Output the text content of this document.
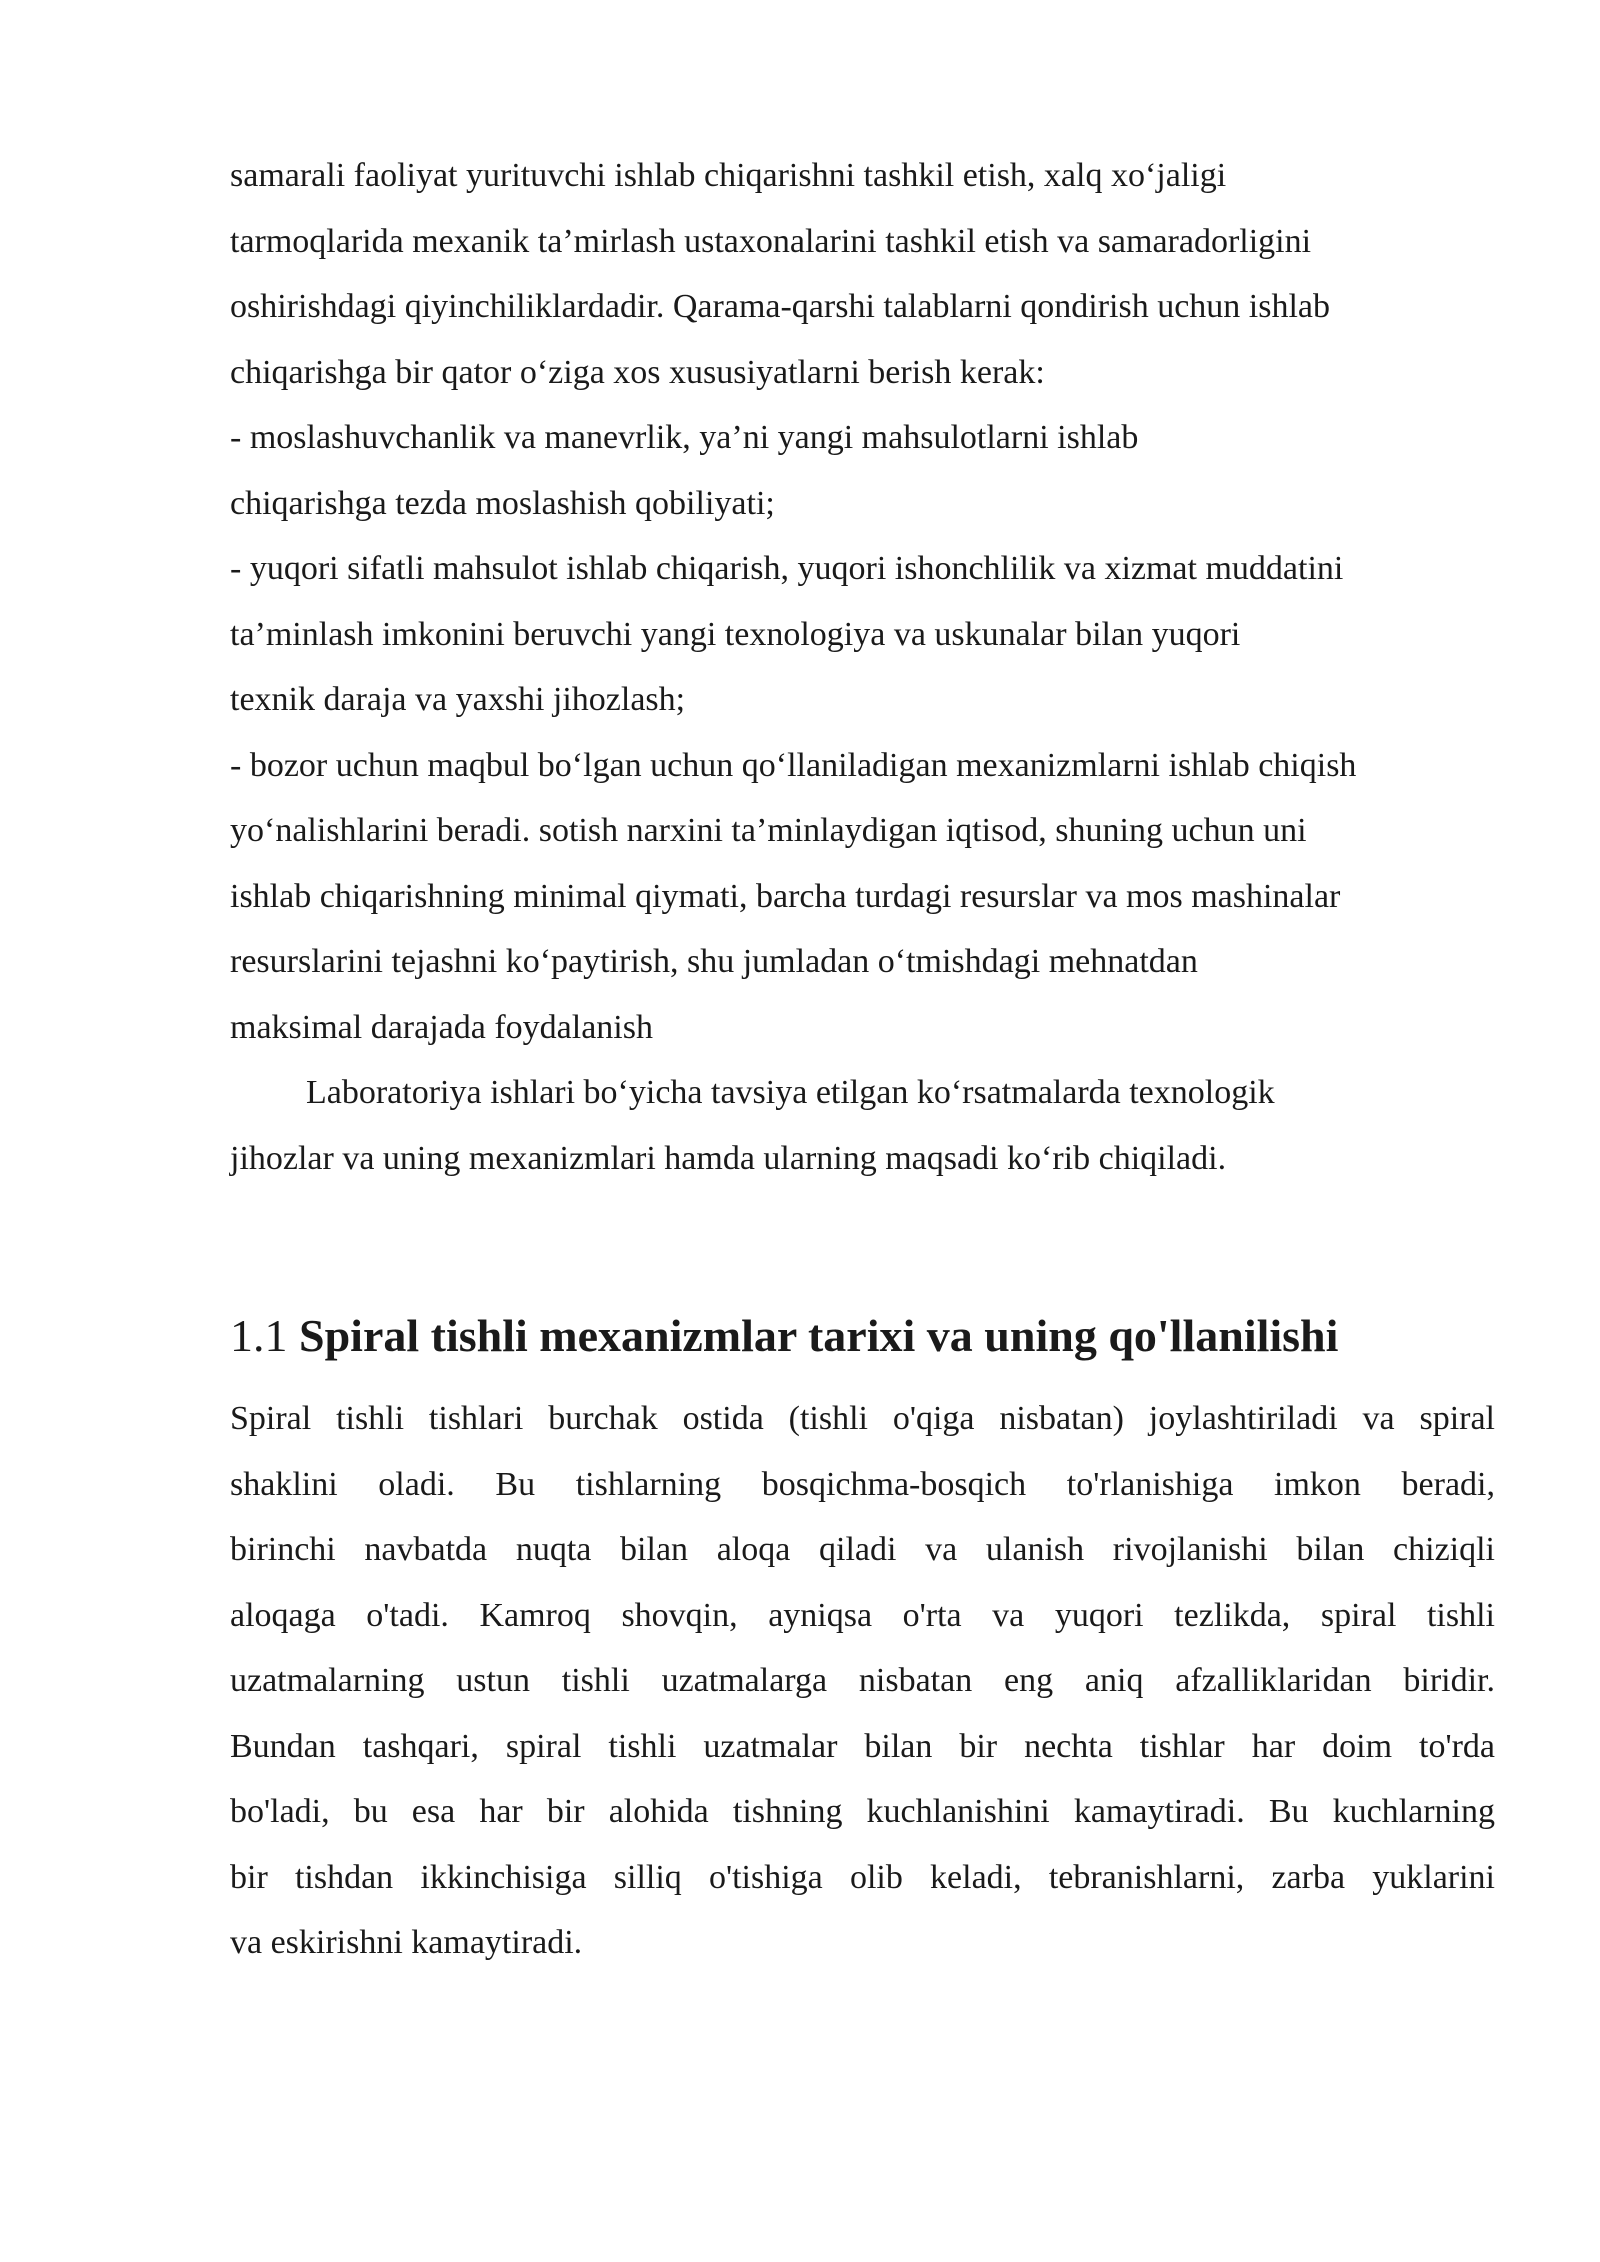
samarali faoliyat yurituvchi ishlab chiqarishni tashkil etish, xalq xo‘jaligi
tarmoqlarida mexanik ta’mirlash ustaxonalarini tashkil etish va samaradorligini
oshirishdagi qiyinchiliklardadir. Qarama-qarshi talablarni qondirish uchun ishlab
chiqarishga bir qator o‘ziga xos xususiyatlarni berish kerak:
- moslashuvchanlik va manevrlik, ya’ni yangi mahsulotlarni ishlab
chiqarishga tezda moslashish qobiliyati;
- yuqori sifatli mahsulot ishlab chiqarish, yuqori ishonchlilik va xizmat muddatini
ta’minlash imkonini beruvchi yangi texnologiya va uskunalar bilan yuqori
texnik daraja va yaxshi jihozlash;
- bozor uchun maqbul bo‘lgan uchun qo‘llaniladigan mexanizmlarni ishlab chiqish
yo‘nalishlarini beradi. sotish narxini ta’minlaydigan iqtisod, shuning uchun uni
ishlab chiqarishning minimal qiymati, barcha turdagi resurslar va mos mashinalar
resurslarini tejashni ko‘paytirish, shu jumladan o‘tmishdagi mehnatdan
maksimal darajada foydalanish
Laboratoriya ishlari bo‘yicha tavsiya etilgan ko‘rsatmalarda texnologik
jihozlar va uning mexanizmlari hamda ularning maqsadi ko‘rib chiqiladi.
1.1 Spiral tishli mexanizmlar tarixi va uning qo'llanilishi
Spiral tishli tishlari burchak ostida (tishli o'qiga nisbatan) joylashtiriladi va spiral
shaklini oladi. Bu tishlarning bosqichma-bosqich to'rlanishiga imkon beradi,
birinchi navbatda nuqta bilan aloqa qiladi va ulanish rivojlanishi bilan chiziqli
aloqaga o'tadi. Kamroq shovqin, ayniqsa o'rta va yuqori tezlikda, spiral tishli
uzatmalarning ustun tishli uzatmalarga nisbatan eng aniq afzalliklaridan biridir.
Bundan tashqari, spiral tishli uzatmalar bilan bir nechta tishlar har doim to'rda
bo'ladi, bu esa har bir alohida tishning kuchlanishini kamaytiradi. Bu kuchlarning
bir tishdan ikkinchisiga silliq o'tishiga olib keladi, tebranishlarni, zarba yuklarini
va eskirishni kamaytiradi.
